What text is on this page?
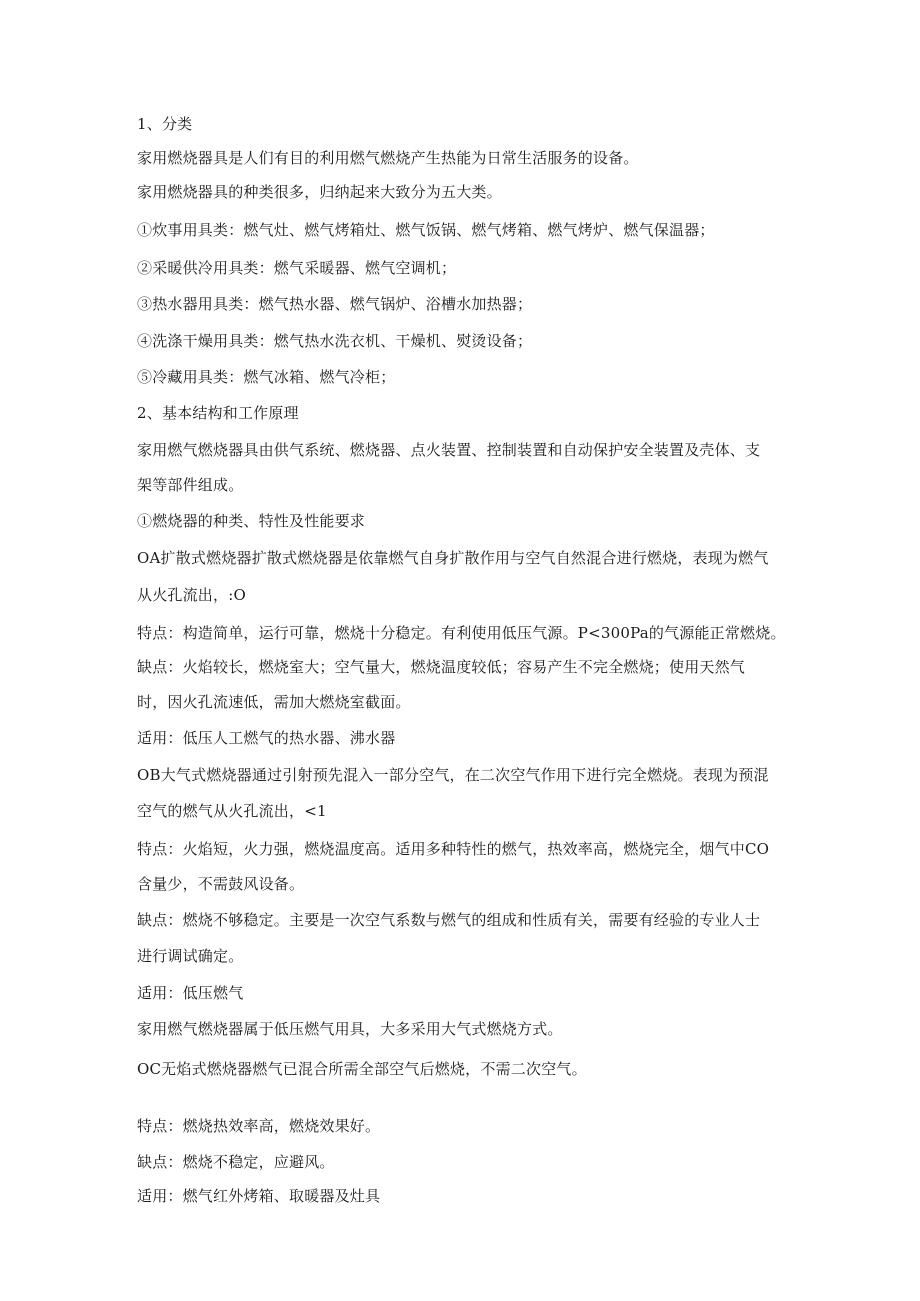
1、分类
家用燃烧器具是人们有目的利用燃气燃烧产生热能为日常生活服务的设备。
家用燃烧器具的种类很多，归纳起来大致分为五大类。
①炊事用具类：燃气灶、燃气烤箱灶、燃气饭锅、燃气烤箱、燃气烤炉、燃气保温器；
②采暖供冷用具类：燃气采暖器、燃气空调机；
③热水器用具类：燃气热水器、燃气锅炉、浴槽水加热器；
④洗涤干燥用具类：燃气热水洗衣机、干燥机、熨烫设备；
⑤冷藏用具类：燃气冰箱、燃气冷柜；
2、基本结构和工作原理
家用燃气燃烧器具由供气系统、燃烧器、点火装置、控制装置和自动保护安全装置及壳体、支
架等部件组成。
①燃烧器的种类、特性及性能要求
OA扩散式燃烧器扩散式燃烧器是依靠燃气自身扩散作用与空气自然混合进行燃烧，表现为燃气
从火孔流出，:O
特点：构造简单，运行可靠，燃烧十分稳定。有利使用低压气源。P<300Pa的气源能正常燃烧。
缺点：火焰较长，燃烧室大；空气量大，燃烧温度较低；容易产生不完全燃烧；使用天然气
时，因火孔流速低，需加大燃烧室截面。
适用：低压人工燃气的热水器、沸水器
OB大气式燃烧器通过引射预先混入一部分空气，在二次空气作用下进行完全燃烧。表现为预混
空气的燃气从火孔流出，<1
特点：火焰短，火力强，燃烧温度高。适用多种特性的燃气，热效率高，燃烧完全，烟气中CO
含量少，不需鼓风设备。
缺点：燃烧不够稳定。主要是一次空气系数与燃气的组成和性质有关，需要有经验的专业人士
进行调试确定。
适用：低压燃气
家用燃气燃烧器属于低压燃气用具，大多采用大气式燃烧方式。
OC无焰式燃烧器燃气已混合所需全部空气后燃烧，不需二次空气。
特点：燃烧热效率高，燃烧效果好。
缺点：燃烧不稳定，应避风。
适用：燃气红外烤箱、取暖器及灶具
